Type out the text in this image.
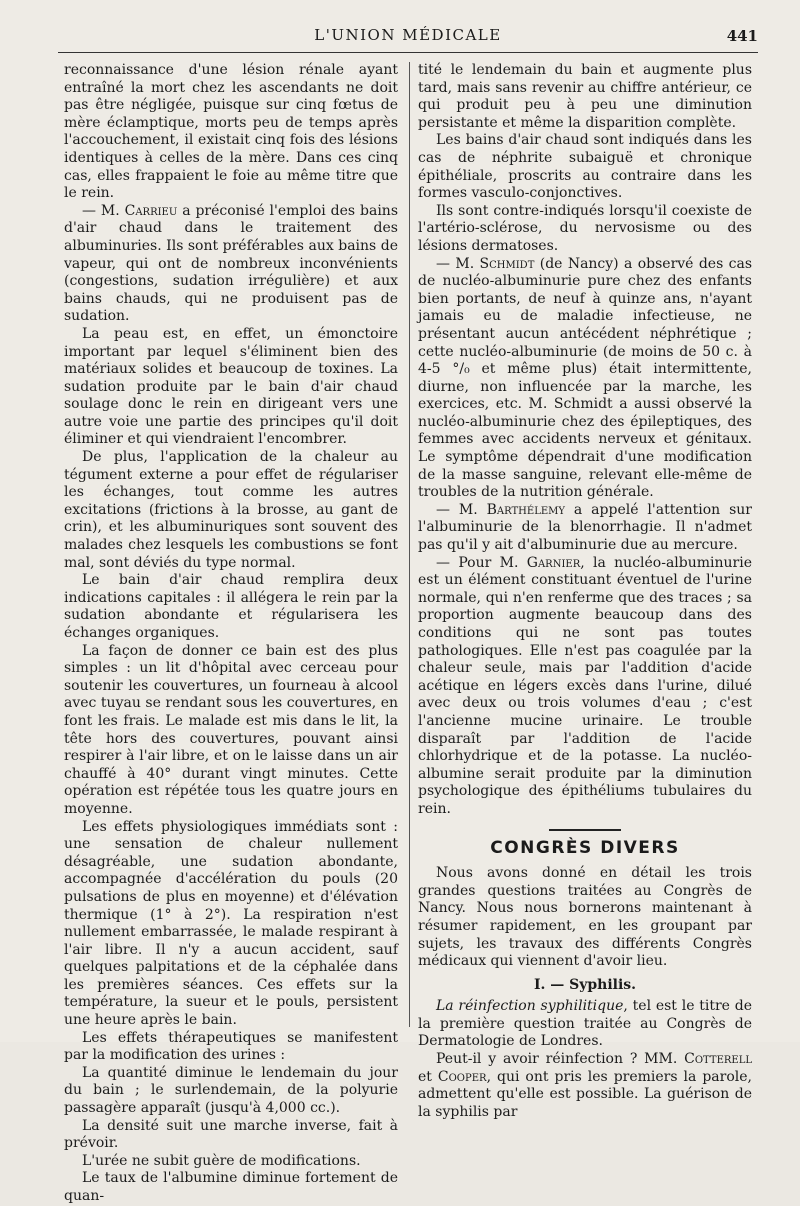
L'UNION MÉDICALE	441

reconnaissance d'une lésion rénale ayant entraîné la mort chez les ascendants ne doit pas être négligée, puisque sur cinq fœtus de mère éclamptique, morts peu de temps après l'accouchement, il existait cinq fois des lésions identiques à celles de la mère. Dans ces cinq cas, elles frappaient le foie au même titre que le rein.

— M. Carrieu a préconisé l'emploi des bains d'air chaud dans le traitement des albuminuries. Ils sont préférables aux bains de vapeur, qui ont de nombreux inconvénients (congestions, sudation irrégulière) et aux bains chauds, qui ne produisent pas de sudation.

La peau est, en effet, un émonctoire important par lequel s'éliminent bien des matériaux solides et beaucoup de toxines. La sudation produite par le bain d'air chaud soulage donc le rein en dirigeant vers une autre voie une partie des principes qu'il doit éliminer et qui viendraient l'encombrer.

De plus, l'application de la chaleur au tégument externe a pour effet de régulariser les échanges, tout comme les autres excitations (frictions à la brosse, au gant de crin), et les albuminuriques sont souvent des malades chez lesquels les combustions se font mal, sont déviés du type normal.

Le bain d'air chaud remplira deux indications capitales : il allégera le rein par la sudation abondante et régularisera les échanges organiques.

La façon de donner ce bain est des plus simples : un lit d'hôpital avec cerceau pour soutenir les couvertures, un fourneau à alcool avec tuyau se rendant sous les couvertures, en font les frais. Le malade est mis dans le lit, la tête hors des couvertures, pouvant ainsi respirer à l'air libre, et on le laisse dans un air chauffé à 40° durant vingt minutes. Cette opération est répétée tous les quatre jours en moyenne.

Les effets physiologiques immédiats sont : une sensation de chaleur nullement désagréable, une sudation abondante, accompagnée d'accélération du pouls (20 pulsations de plus en moyenne) et d'élévation thermique (1° à 2°). La respiration n'est nullement embarrassée, le malade respirant à l'air libre. Il n'y a aucun accident, sauf quelques palpitations et de la céphalée dans les premières séances. Ces effets sur la température, la sueur et le pouls, persistent une heure après le bain.

Les effets thérapeutiques se manifestent par la modification des urines :

La quantité diminue le lendemain du jour du bain ; le surlendemain, de la polyurie passagère apparaît (jusqu'à 4,000 cc.).

La densité suit une marche inverse, fait à prévoir.

L'urée ne subit guère de modifications.

Le taux de l'albumine diminue fortement de quan-

tité le lendemain du bain et augmente plus tard, mais sans revenir au chiffre antérieur, ce qui produit peu à peu une diminution persistante et même la disparition complète.

Les bains d'air chaud sont indiqués dans les cas de néphrite subaiguë et chronique épithéliale, proscrits au contraire dans les formes vasculo-conjonctives.

Ils sont contre-indiqués lorsqu'il coexiste de l'artério-sclérose, du nervosisme ou des lésions dermatoses.

— M. Schmidt (de Nancy) a observé des cas de nucléo-albuminurie pure chez des enfants bien portants, de neuf à quinze ans, n'ayant jamais eu de maladie infectieuse, ne présentant aucun antécédent néphrétique ; cette nucléo-albuminurie (de moins de 50 c. à 4-5 °/₀ et même plus) était intermittente, diurne, non influencée par la marche, les exercices, etc. M. Schmidt a aussi observé la nucléo-albuminurie chez des épileptiques, des femmes avec accidents nerveux et génitaux. Le symptôme dépendrait d'une modification de la masse sanguine, relevant elle-même de troubles de la nutrition générale.

— M. Barthélemy a appelé l'attention sur l'albuminurie de la blenorrhagie. Il n'admet pas qu'il y ait d'albuminurie due au mercure.

— Pour M. Garnier, la nucléo-albuminurie est un élément constituant éventuel de l'urine normale, qui n'en renferme que des traces ; sa proportion augmente beaucoup dans des conditions qui ne sont pas toutes pathologiques. Elle n'est pas coagulée par la chaleur seule, mais par l'addition d'acide acétique en légers excès dans l'urine, dilué avec deux ou trois volumes d'eau ; c'est l'ancienne mucine urinaire. Le trouble disparaît par l'addition de l'acide chlorhydrique et de la potasse. La nucléo-albumine serait produite par la diminution psychologique des épithéliums tubulaires du rein.

CONGRÈS DIVERS

Nous avons donné en détail les trois grandes questions traitées au Congrès de Nancy. Nous nous bornerons maintenant à résumer rapidement, en les groupant par sujets, les travaux des différents Congrès médicaux qui viennent d'avoir lieu.

I. — Syphilis.

La réinfection syphilitique, tel est le titre de la première question traitée au Congrès de Dermatologie de Londres.

Peut-il y avoir réinfection ? MM. Cotterell et Cooper, qui ont pris les premiers la parole, admettent qu'elle est possible. La guérison de la syphilis par
